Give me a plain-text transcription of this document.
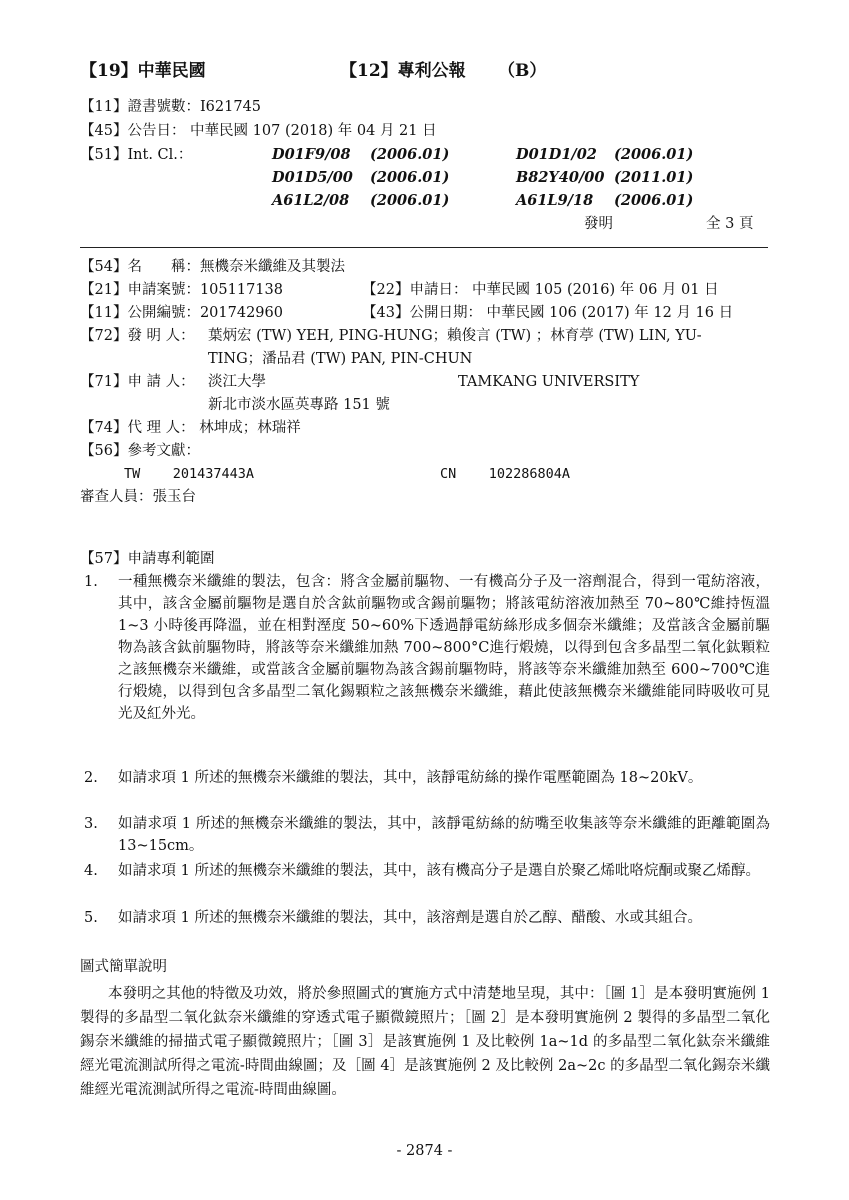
【19】中華民國	【12】專利公報 （B）
【11】證書號數：I621745
【45】公告日： 中華民國 107 (2018) 年 04 月 21 日
【51】Int. Cl.：	D01F9/08 (2006.01)	D01D1/02 (2006.01)
D01D5/00 (2006.01)	B82Y40/00 (2011.01)
A61L2/08 (2006.01)	A61L9/18 (2006.01)
發明	全 3 頁
【54】名　　稱：無機奈米纖維及其製法
【21】申請案號：105117138	【22】申請日： 中華民國 105 (2016) 年 06 月 01 日
【11】公開編號：201742960	【43】公開日期： 中華民國 106 (2017) 年 12 月 16 日
【72】發 明 人： 葉炳宏 (TW) YEH, PING-HUNG；賴俊言 (TW) ；林育葶 (TW) LIN, YU-
TING；潘品君 (TW) PAN, PIN-CHUN
【71】申 請 人： 淡江大學	TAMKANG UNIVERSITY
新北市淡水區英專路 151 號
【74】代 理 人： 林坤成；林瑞祥
【56】參考文獻：
TW    201437443A	CN    102286804A
審查人員：張玉台
【57】申請專利範圍
1.	一種無機奈米纖維的製法，包含：將含金屬前驅物、一有機高分子及一溶劑混合，得到一電紡溶液，其中，該含金屬前驅物是選自於含鈦前驅物或含錫前驅物；將該電紡溶液加熱至 70~80℃維持恆溫 1~3 小時後再降溫，並在相對溼度 50~60%下透過靜電紡絲形成多個奈米纖維；及當該含金屬前驅物為該含鈦前驅物時，將該等奈米纖維加熱 700~800°C進行煅燒，以得到包含多晶型二氧化鈦顆粒之該無機奈米纖維，或當該含金屬前驅物為該含錫前驅物時，將該等奈米纖維加熱至 600~700℃進行煅燒，以得到包含多晶型二氧化錫顆粒之該無機奈米纖維，藉此使該無機奈米纖維能同時吸收可見光及紅外光。
2.	如請求項 1 所述的無機奈米纖維的製法，其中，該靜電紡絲的操作電壓範圍為 18~20kV。
3.	如請求項 1 所述的無機奈米纖維的製法，其中，該靜電紡絲的紡嘴至收集該等奈米纖維的距離範圍為 13~15cm。
4.	如請求項 1 所述的無機奈米纖維的製法，其中，該有機高分子是選自於聚乙烯吡咯烷酮或聚乙烯醇。
5.	如請求項 1 所述的無機奈米纖維的製法，其中，該溶劑是選自於乙醇、醋酸、水或其組合。
圖式簡單說明
本發明之其他的特徵及功效，將於參照圖式的實施方式中清楚地呈現，其中：［圖 1］是本發明實施例 1 製得的多晶型二氧化鈦奈米纖維的穿透式電子顯微鏡照片；［圖 2］是本發明實施例 2 製得的多晶型二氧化錫奈米纖維的掃描式電子顯微鏡照片；［圖 3］是該實施例 1 及比較例 1a~1d 的多晶型二氧化鈦奈米纖維經光電流測試所得之電流-時間曲線圖；及［圖 4］是該實施例 2 及比較例 2a~2c 的多晶型二氧化錫奈米纖維經光電流測試所得之電流-時間曲線圖。
- 2874 -
